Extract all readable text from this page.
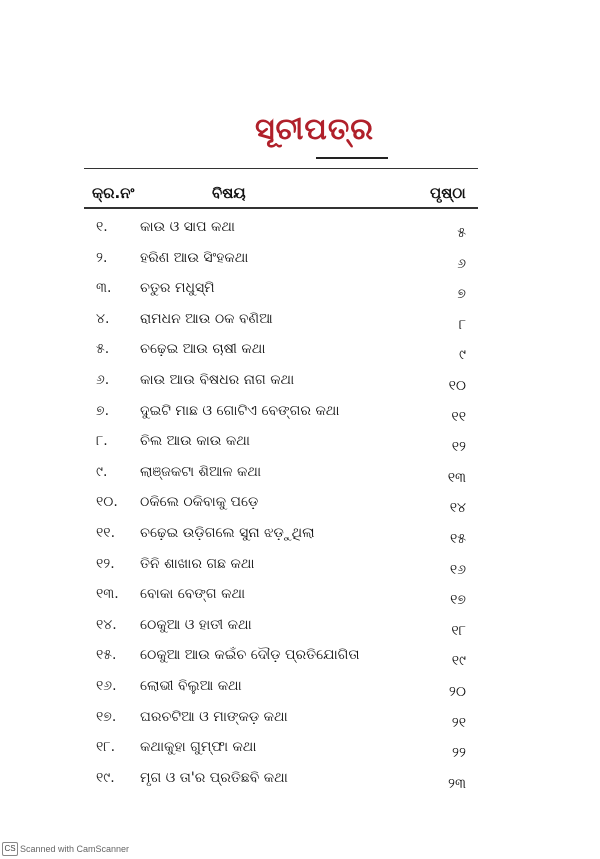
ସୂଚୀପତ୍ର
କ୍ର.ନଂ	ବିଷୟ	ପୃଷ୍ଠା
୧. କାଉ ଓ ସାପ କଥା	୫
୨. ହରିଣ ଆଉ ସିଂହକଥା	୬
୩. ଚତୁର ମଧୁସ୍ମି	୭
୪. ରାମଧନ ଆଉ ଠକ ବଣିଆ	୮
୫. ଚଢ଼େଇ ଆଉ ଚାଷୀ କଥା	୯
୬. କାଉ ଆଉ ବିଷଧର ନାଗ କଥା	୧୦
୭. ଦୁଇଟି ମାଛ ଓ ଗୋଟିଏ ବେଙ୍ଗର କଥା	୧୧
୮. ଚିଲ ଆଉ କାଉ କଥା	୧୨
୯. ଲାଞ୍ଜକଟା ଶିଆଳ କଥା	୧୩
୧୦. ଠକିଲେ ଠକିବାକୁ ପଡ଼େ	୧୪
୧୧. ଚଢ଼େଇ ଉଡ଼ିଗଲେ ସୁନା ଝଡ଼ୁଥିଲା	୧୫
୧୨. ତିନି ଶାଖାର ଗଛ କଥା	୧୬
୧୩. ବୋକା ବେଙ୍ଗ କଥା	୧୭
୧୪. ଠେକୁଆ ଓ ହାତୀ କଥା	୧୮
୧୫. ଠେକୁଆ ଆଉ କଇଁଚ ଦୌଡ଼ ପ୍ରତିଯୋଗିତା	୧୯
୧୬. ଲୋଭୀ ବିଲୁଆ କଥା	୨୦
୧୭. ଘରଚଟିଆ ଓ ମାଙ୍କଡ଼ କଥା	୨୧
୧୮. କଥାକୁହା ଗୁମ୍ଫା କଥା	୨୨
୧୯. ମୃଗ ଓ ତା'ର ପ୍ରତିଛବି କଥା	୨୩
CS Scanned with CamScanner
